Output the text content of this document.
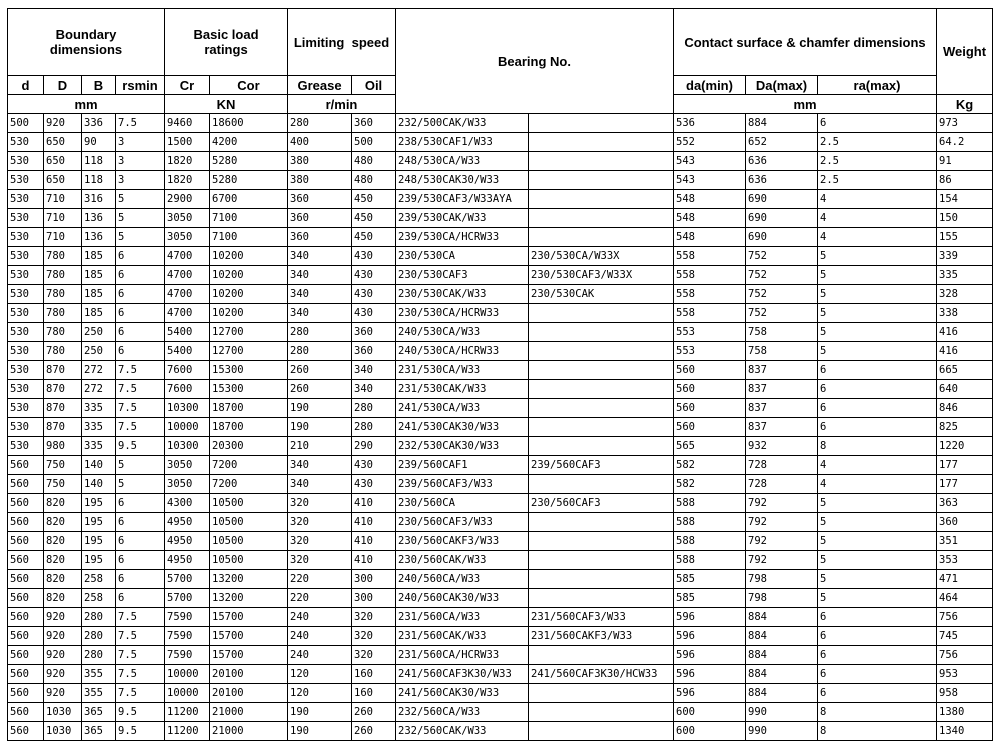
Boundary dimensions				Basic load ratings		Limiting  speed		Bearing No.		Contact surface & chamfer dimensions			Weight
d	D	B	rsmin	Cr	Cor	Grease	Oil			da(min)	Da(max)	ra(max)	
mm				KN		r/min				mm			Kg
500	920	336	7.5	9460	18600	280	360	232/500CAK/W33		536	884	6	973
530	650	90	3	1500	4200	400	500	238/530CAF1/W33		552	652	2.5	64.2
530	650	118	3	1820	5280	380	480	248/530CA/W33		543	636	2.5	91
530	650	118	3	1820	5280	380	480	248/530CAK30/W33		543	636	2.5	86
530	710	316	5	2900	6700	360	450	239/530CAF3/W33AYA		548	690	4	154
530	710	136	5	3050	7100	360	450	239/530CAK/W33		548	690	4	150
530	710	136	5	3050	7100	360	450	239/530CA/HCRW33		548	690	4	155
530	780	185	6	4700	10200	340	430	230/530CA	230/530CA/W33X	558	752	5	339
530	780	185	6	4700	10200	340	430	230/530CAF3	230/530CAF3/W33X	558	752	5	335
530	780	185	6	4700	10200	340	430	230/530CAK/W33	230/530CAK	558	752	5	328
530	780	185	6	4700	10200	340	430	230/530CA/HCRW33		558	752	5	338
530	780	250	6	5400	12700	280	360	240/530CA/W33		553	758	5	416
530	780	250	6	5400	12700	280	360	240/530CA/HCRW33		553	758	5	416
530	870	272	7.5	7600	15300	260	340	231/530CA/W33		560	837	6	665
530	870	272	7.5	7600	15300	260	340	231/530CAK/W33		560	837	6	640
530	870	335	7.5	10300	18700	190	280	241/530CA/W33		560	837	6	846
530	870	335	7.5	10000	18700	190	280	241/530CAK30/W33		560	837	6	825
530	980	335	9.5	10300	20300	210	290	232/530CAK30/W33		565	932	8	1220
560	750	140	5	3050	7200	340	430	239/560CAF1	239/560CAF3	582	728	4	177
560	750	140	5	3050	7200	340	430	239/560CAF3/W33		582	728	4	177
560	820	195	6	4300	10500	320	410	230/560CA	230/560CAF3	588	792	5	363
560	820	195	6	4950	10500	320	410	230/560CAF3/W33		588	792	5	360
560	820	195	6	4950	10500	320	410	230/560CAKF3/W33		588	792	5	351
560	820	195	6	4950	10500	320	410	230/560CAK/W33		588	792	5	353
560	820	258	6	5700	13200	220	300	240/560CA/W33		585	798	5	471
560	820	258	6	5700	13200	220	300	240/560CAK30/W33		585	798	5	464
560	920	280	7.5	7590	15700	240	320	231/560CA/W33	231/560CAF3/W33	596	884	6	756
560	920	280	7.5	7590	15700	240	320	231/560CAK/W33	231/560CAKF3/W33	596	884	6	745
560	920	280	7.5	7590	15700	240	320	231/560CA/HCRW33		596	884	6	756
560	920	355	7.5	10000	20100	120	160	241/560CAF3K30/W33	241/560CAF3K30/HCW33	596	884	6	953
560	920	355	7.5	10000	20100	120	160	241/560CAK30/W33		596	884	6	958
560	1030	365	9.5	11200	21000	190	260	232/560CA/W33		600	990	8	1380
560	1030	365	9.5	11200	21000	190	260	232/560CAK/W33		600	990	8	1340
